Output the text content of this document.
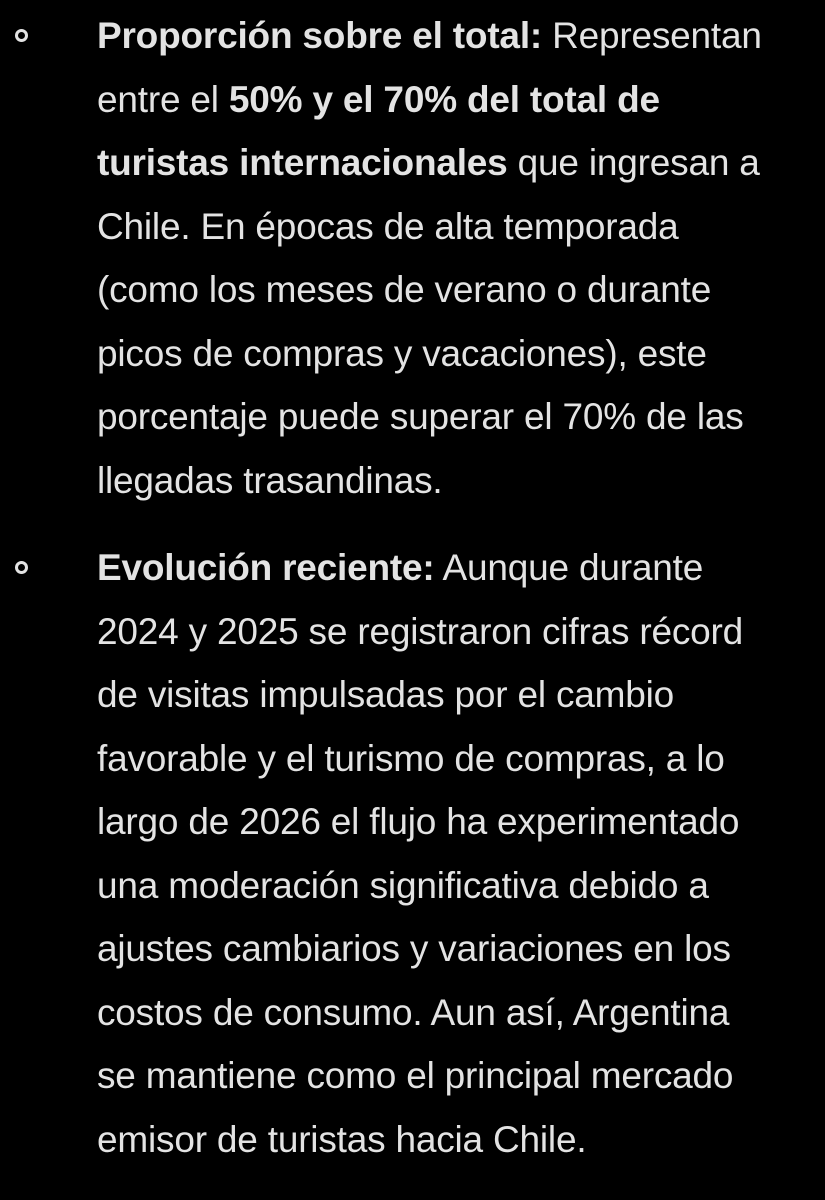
Proporción sobre el total: Representan
entre el 50% y el 70% del total de
turistas internacionales que ingresan a
Chile. En épocas de alta temporada
(como los meses de verano o durante
picos de compras y vacaciones), este
porcentaje puede superar el 70% de las
llegadas trasandinas.
Evolución reciente: Aunque durante
2024 y 2025 se registraron cifras récord
de visitas impulsadas por el cambio
favorable y el turismo de compras, a lo
largo de 2026 el flujo ha experimentado
una moderación significativa debido a
ajustes cambiarios y variaciones en los
costos de consumo. Aun así, Argentina
se mantiene como el principal mercado
emisor de turistas hacia Chile.
